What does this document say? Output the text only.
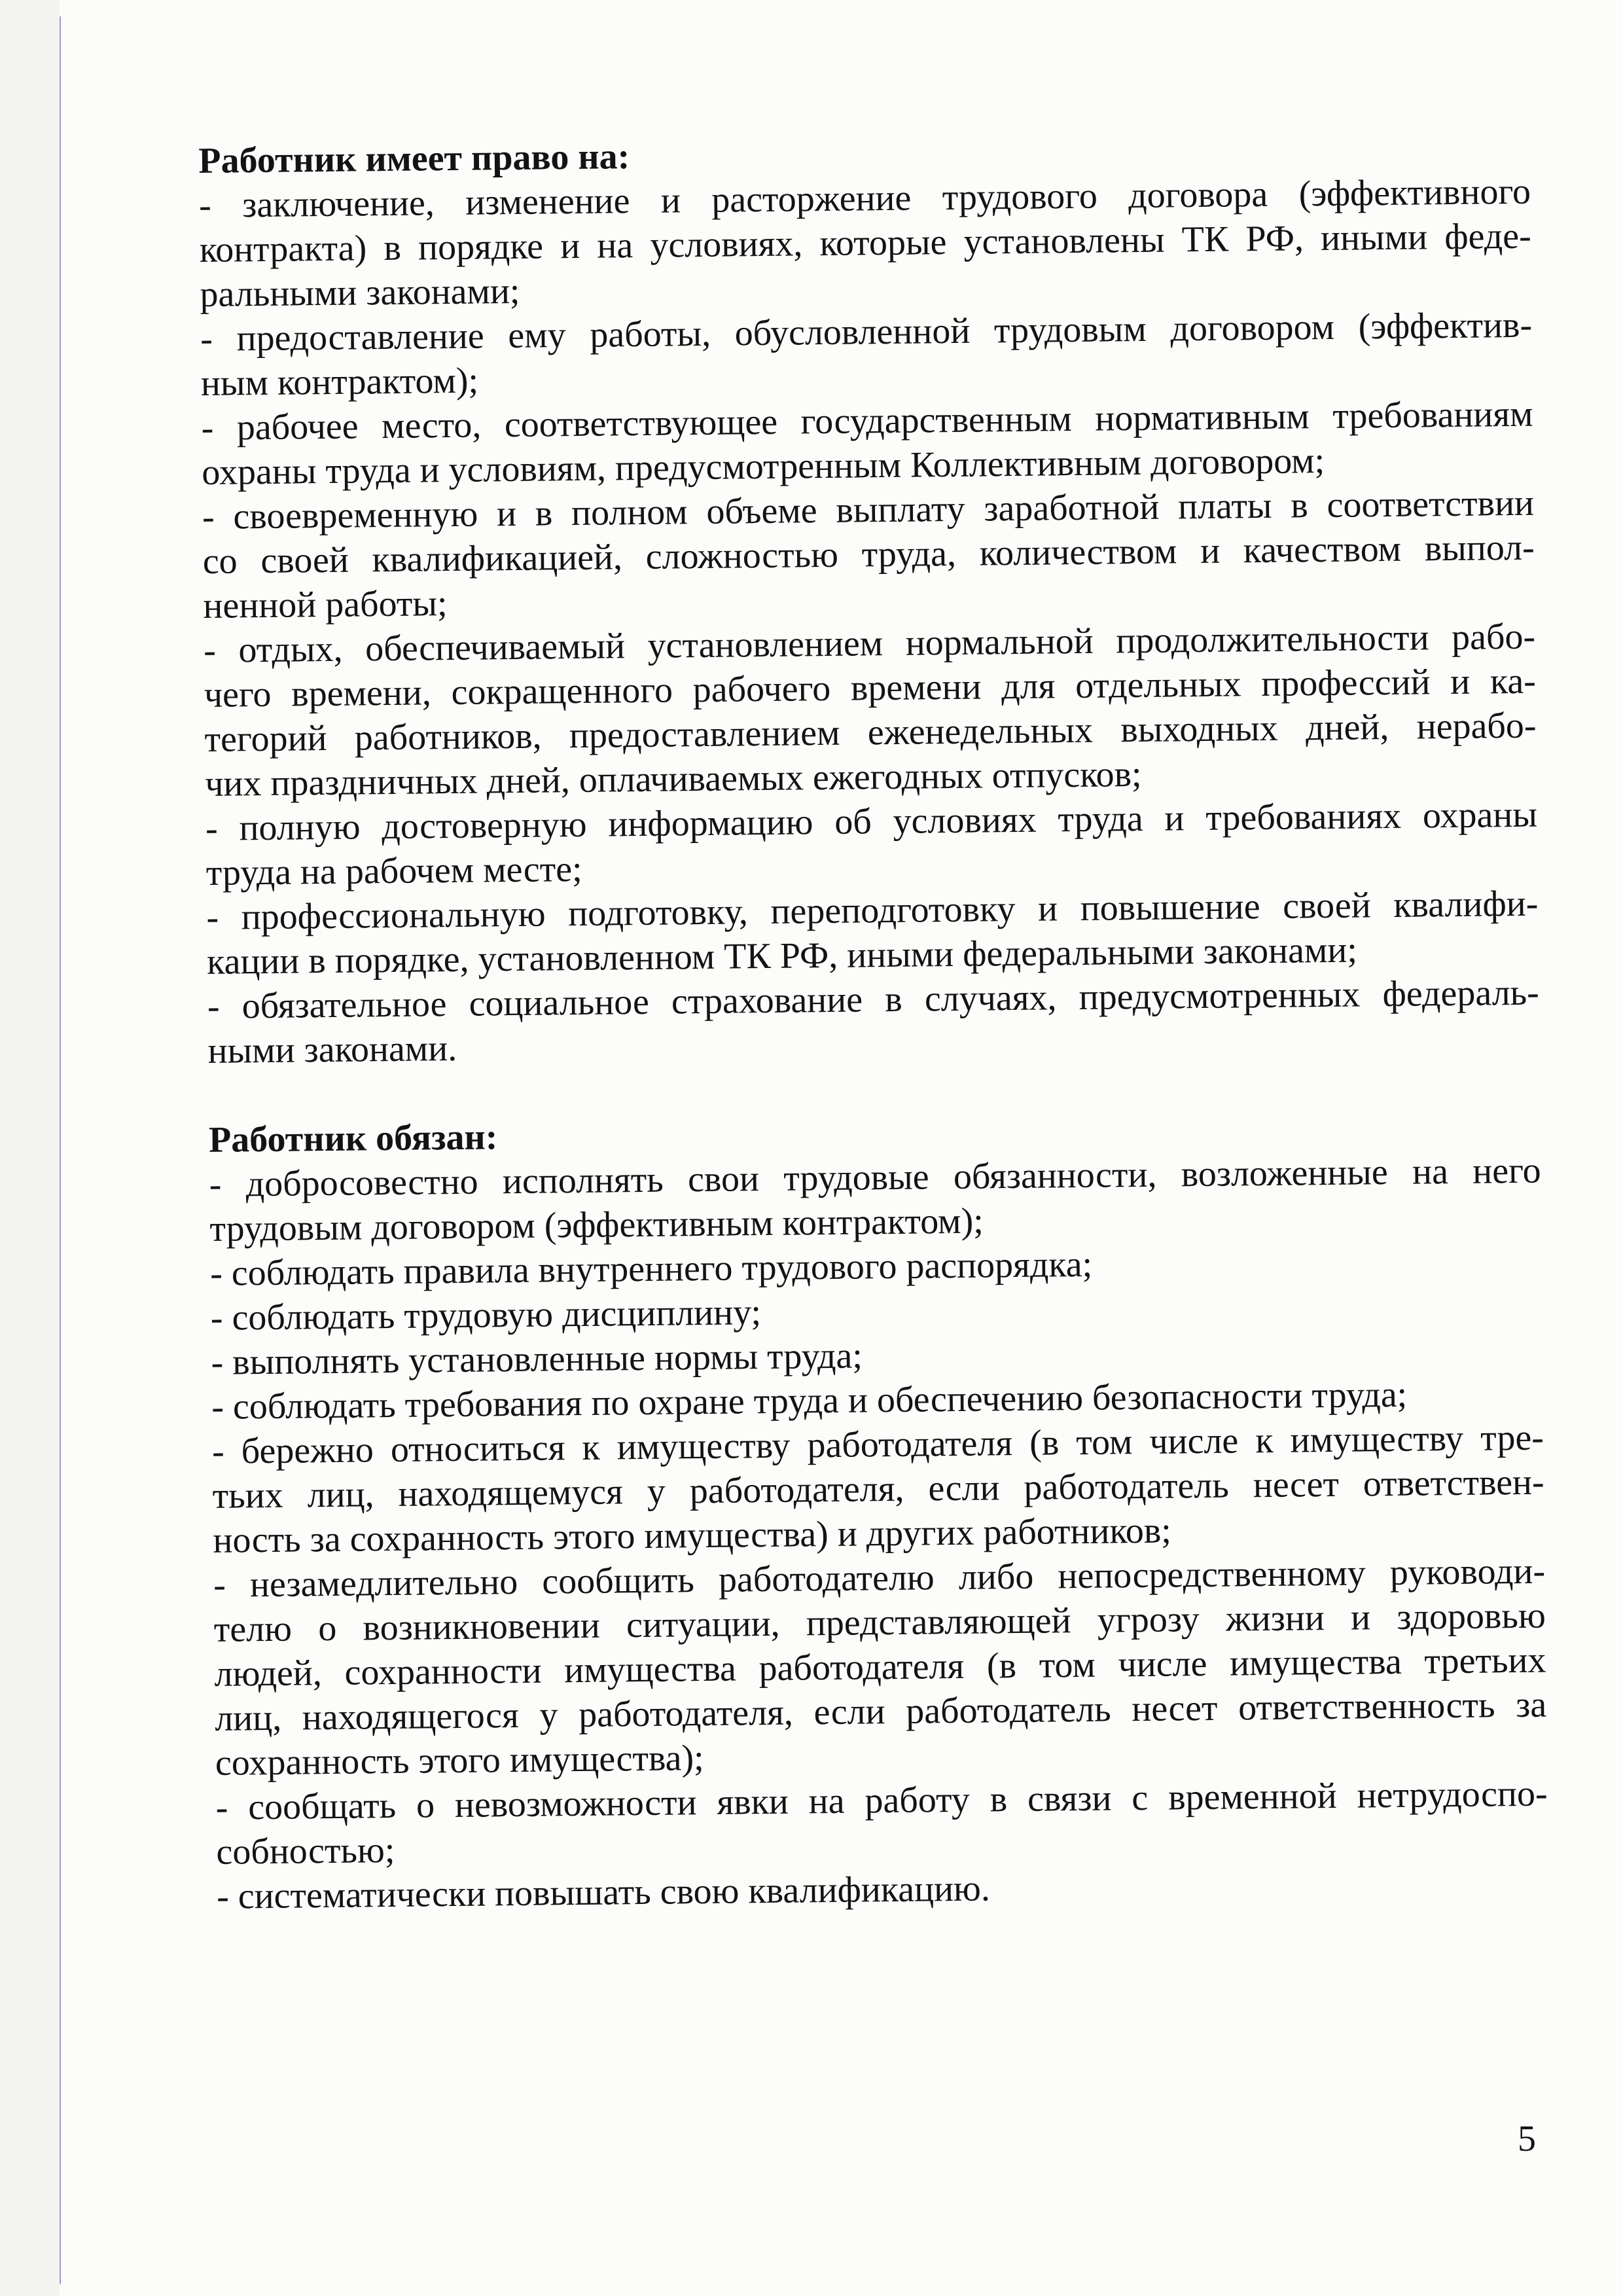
Работник имеет право на:
- заключение, изменение и расторжение трудового договора (эффективного
контракта) в порядке и на условиях, которые установлены ТК РФ, иными феде-
ральными законами;
- предоставление ему работы, обусловленной трудовым договором (эффектив-
ным контрактом);
- рабочее место, соответствующее государственным нормативным требованиям
охраны труда и условиям, предусмотренным Коллективным договором;
- своевременную и в полном объеме выплату заработной платы в соответствии
со своей квалификацией, сложностью труда, количеством и качеством выпол-
ненной работы;
- отдых, обеспечиваемый установлением нормальной продолжительности рабо-
чего времени, сокращенного рабочего времени для отдельных профессий и ка-
тегорий работников, предоставлением еженедельных выходных дней, нерабо-
чих праздничных дней, оплачиваемых ежегодных отпусков;
- полную достоверную информацию об условиях труда и требованиях охраны
труда на рабочем месте;
- профессиональную подготовку, переподготовку и повышение своей квалифи-
кации в порядке, установленном ТК РФ, иными федеральными законами;
- обязательное социальное страхование в случаях, предусмотренных федераль-
ными законами.
Работник обязан:
- добросовестно исполнять свои трудовые обязанности, возложенные на него
трудовым договором (эффективным контрактом);
- соблюдать правила внутреннего трудового распорядка;
- соблюдать трудовую дисциплину;
- выполнять установленные нормы труда;
- соблюдать требования по охране труда и обеспечению безопасности труда;
- бережно относиться к имуществу работодателя (в том числе к имуществу тре-
тьих лиц, находящемуся у работодателя, если работодатель несет ответствен-
ность за сохранность этого имущества) и других работников;
- незамедлительно сообщить работодателю либо непосредственному руководи-
телю о возникновении ситуации, представляющей угрозу жизни и здоровью
людей, сохранности имущества работодателя (в том числе имущества третьих
лиц, находящегося у работодателя, если работодатель несет ответственность за
сохранность этого имущества);
- сообщать о невозможности явки на работу в связи с временной нетрудоспо-
собностью;
- систематически повышать свою квалификацию.
5
